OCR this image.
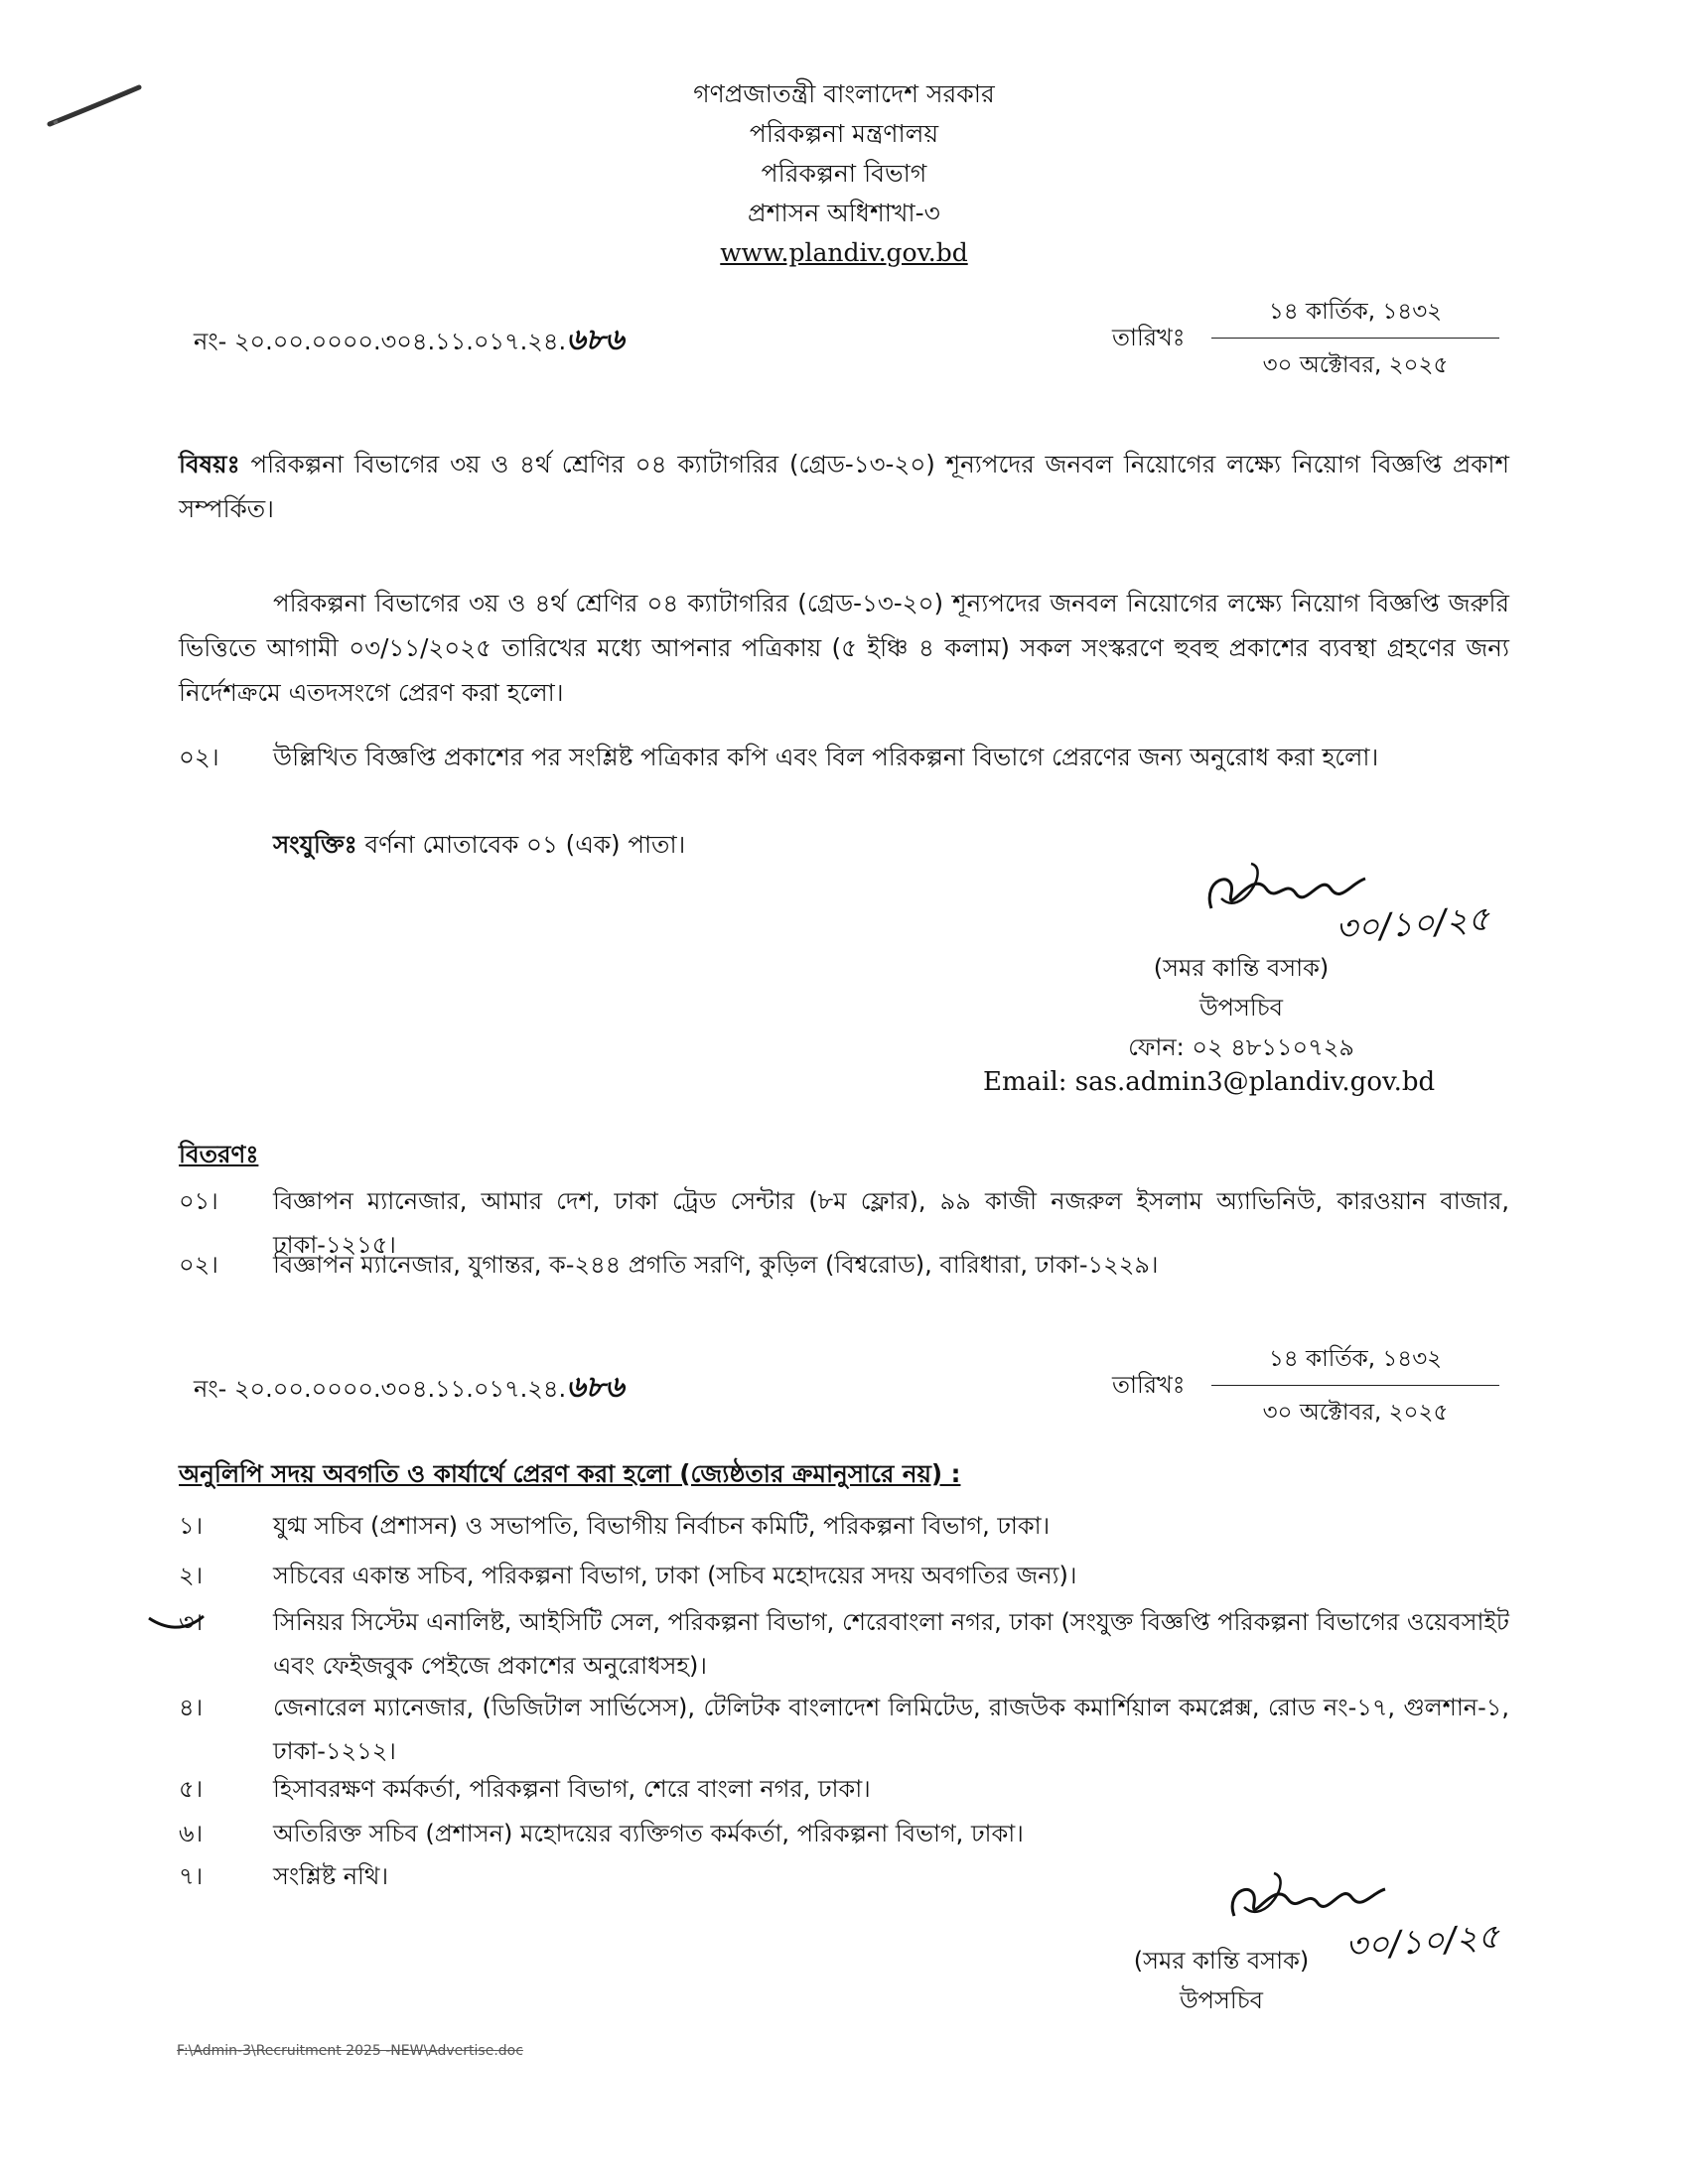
গণপ্রজাতন্ত্রী বাংলাদেশ সরকার
পরিকল্পনা মন্ত্রণালয়
পরিকল্পনা বিভাগ
প্রশাসন অধিশাখা-৩
www.plandiv.gov.bd
নং- ২০.০০.০০০০.৩০৪.১১.০১৭.২৪.৬৮৬	তারিখঃ
১৪ কার্তিক, ১৪৩২
৩০ অক্টোবর, ২০২৫
বিষয়ঃ পরিকল্পনা বিভাগের ৩য় ও ৪র্থ শ্রেণির ০৪ ক্যাটাগরির (গ্রেড-১৩-২০) শূন্যপদের জনবল নিয়োগের লক্ষ্যে নিয়োগ বিজ্ঞপ্তি প্রকাশ সম্পর্কিত।
পরিকল্পনা বিভাগের ৩য় ও ৪র্থ শ্রেণির ০৪ ক্যাটাগরির (গ্রেড-১৩-২০) শূন্যপদের জনবল নিয়োগের লক্ষ্যে নিয়োগ বিজ্ঞপ্তি জরুরি ভিত্তিতে আগামী ০৩/১১/২০২৫ তারিখের মধ্যে আপনার পত্রিকায় (৫ ইঞ্চি ৪ কলাম) সকল সংস্করণে হুবহু প্রকাশের ব্যবস্থা গ্রহণের জন্য নির্দেশক্রমে এতদসংগে প্রেরণ করা হলো।
০২। উল্লিখিত বিজ্ঞপ্তি প্রকাশের পর সংশ্লিষ্ট পত্রিকার কপি এবং বিল পরিকল্পনা বিভাগে প্রেরণের জন্য অনুরোধ করা হলো।
সংযুক্তিঃ বর্ণনা মোতাবেক ০১ (এক) পাতা।
৩০/১০/২৫
(সমর কান্তি বসাক)
উপসচিব
ফোন: ০২ ৪৮১১০৭২৯
Email: sas.admin3@plandiv.gov.bd
বিতরণঃ
০১। বিজ্ঞাপন ম্যানেজার, আমার দেশ, ঢাকা ট্রেড সেন্টার (৮ম ফ্লোর), ৯৯ কাজী নজরুল ইসলাম অ্যাভিনিউ, কারওয়ান বাজার, ঢাকা-১২১৫।
০২। বিজ্ঞাপন ম্যানেজার, যুগান্তর, ক-২৪৪ প্রগতি সরণি, কুড়িল (বিশ্বরোড), বারিধারা, ঢাকা-১২২৯।
নং- ২০.০০.০০০০.৩০৪.১১.০১৭.২৪.৬৮৬	তারিখঃ
১৪ কার্তিক, ১৪৩২
৩০ অক্টোবর, ২০২৫
অনুলিপি সদয় অবগতি ও কার্যার্থে প্রেরণ করা হলো (জ্যেষ্ঠতার ক্রমানুসারে নয়) :
১।	যুগ্ম সচিব (প্রশাসন) ও সভাপতি, বিভাগীয় নির্বাচন কমিটি, পরিকল্পনা বিভাগ, ঢাকা।
২।	সচিবের একান্ত সচিব, পরিকল্পনা বিভাগ, ঢাকা (সচিব মহোদয়ের সদয় অবগতির জন্য)।
৩।	সিনিয়র সিস্টেম এনালিষ্ট, আইসিটি সেল, পরিকল্পনা বিভাগ, শেরেবাংলা নগর, ঢাকা (সংযুক্ত বিজ্ঞপ্তি পরিকল্পনা বিভাগের ওয়েবসাইট এবং ফেইজবুক পেইজে প্রকাশের অনুরোধসহ)।
৪।	জেনারেল ম্যানেজার, (ডিজিটাল সার্ভিসেস), টেলিটক বাংলাদেশ লিমিটেড, রাজউক কমার্শিয়াল কমপ্লেক্স, রোড নং-১৭, গুলশান-১, ঢাকা-১২১২।
৫।	হিসাবরক্ষণ কর্মকর্তা, পরিকল্পনা বিভাগ, শেরে বাংলা নগর, ঢাকা।
৬।	অতিরিক্ত সচিব (প্রশাসন) মহোদয়ের ব্যক্তিগত কর্মকর্তা, পরিকল্পনা বিভাগ, ঢাকা।
৭।	সংশ্লিষ্ট নথি।
৩০/১০/২৫
(সমর কান্তি বসাক)
উপসচিব
F:\Admin-3\Recruitment 2025 -NEW\Advertise.doc
